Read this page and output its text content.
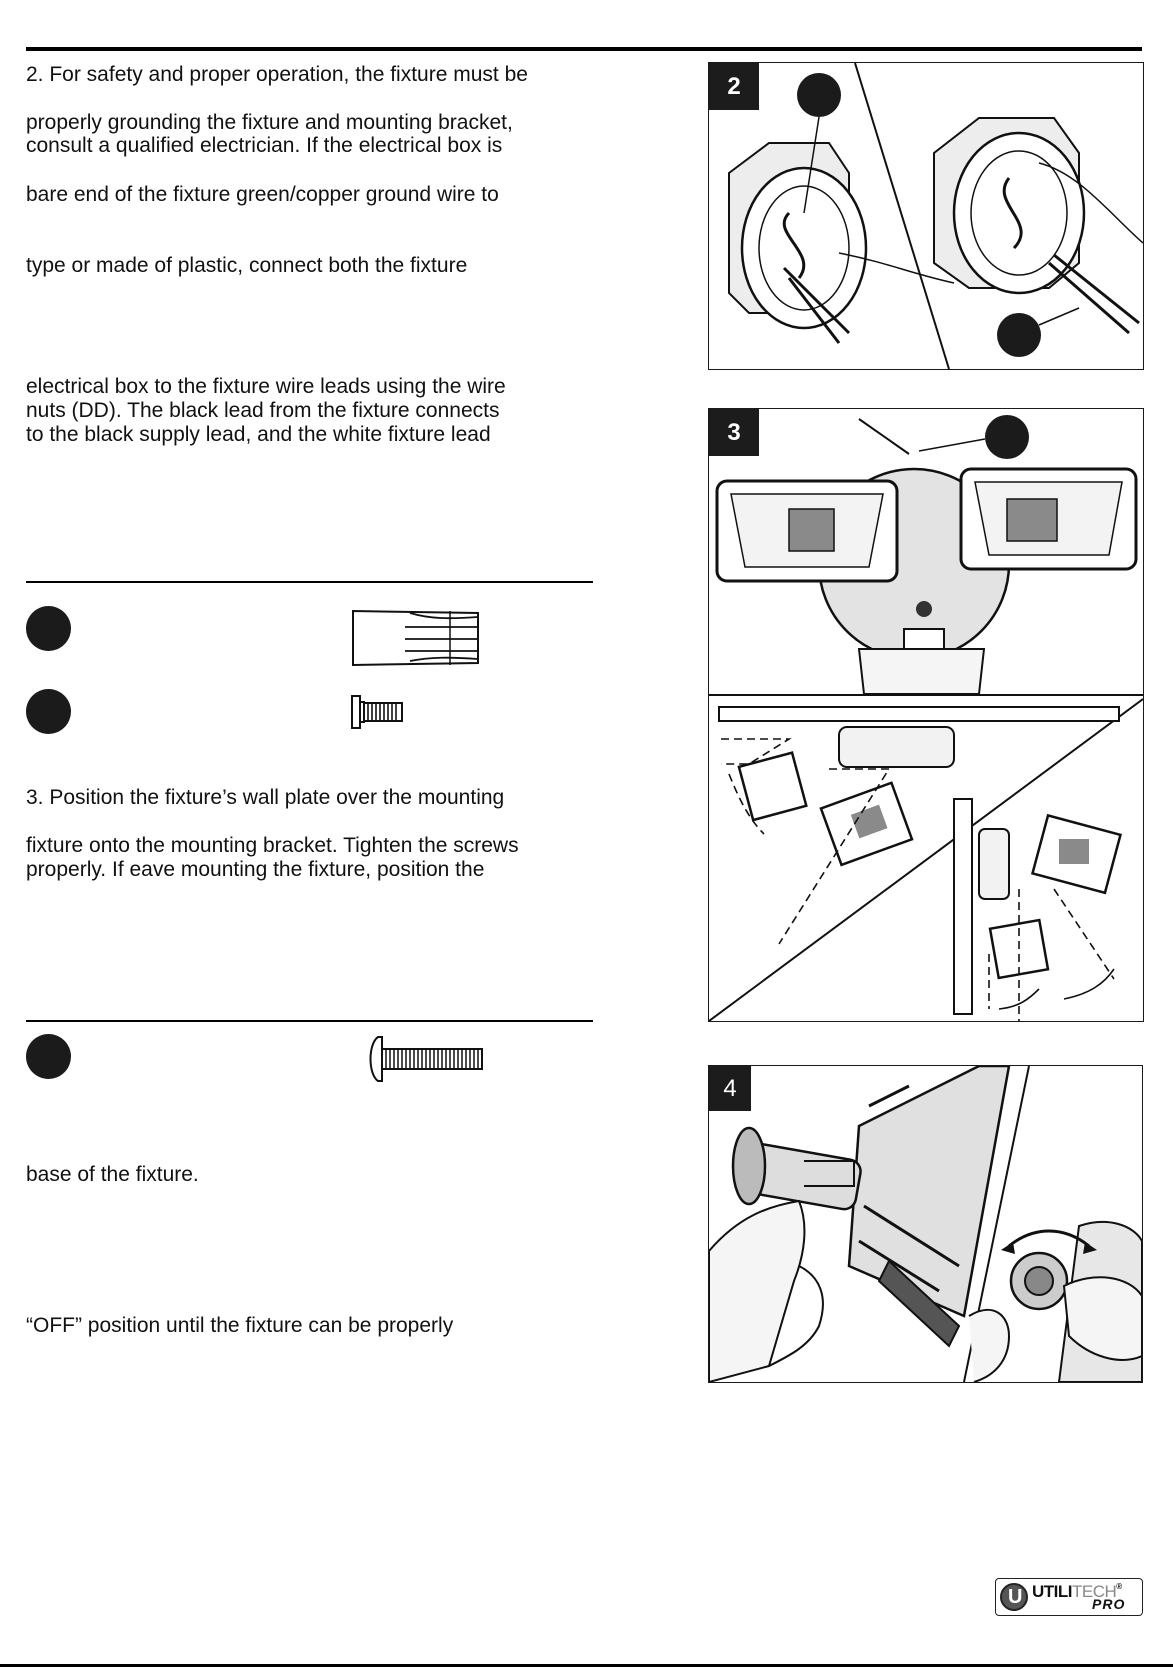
2. For safety and proper operation, the fixture must be
properly grounding the fixture and mounting bracket,
consult a qualified electrician. If the electrical box is
bare end of the fixture green/copper ground wire to
type or made of plastic, connect both the fixture
electrical box to the fixture wire leads using the wire
nuts (DD). The black lead from the fixture connects
to the black supply lead, and the white fixture lead
3. Position the fixture’s wall plate over the mounting
fixture onto the mounting bracket. Tighten the screws
properly. If eave mounting the fixture, position the
base of the fixture.
“OFF” position until the fixture can be properly
2
3
4
U UTILITECH®
PRO
